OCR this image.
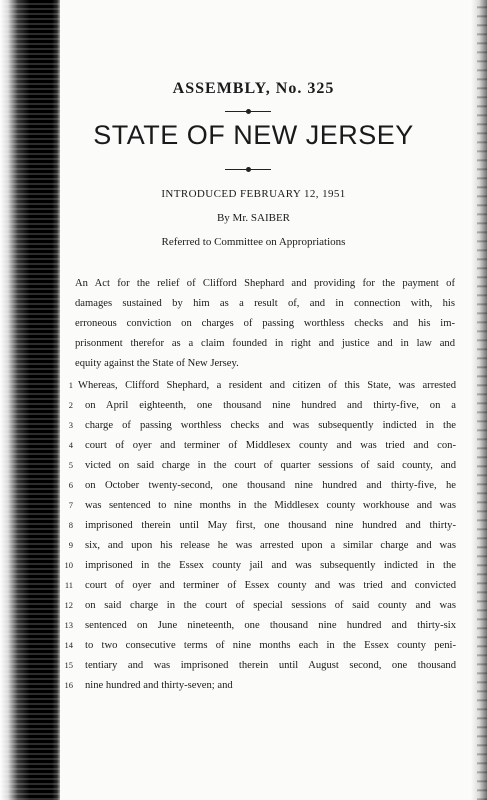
ASSEMBLY, No. 325
STATE OF NEW JERSEY
INTRODUCED FEBRUARY 12, 1951
By Mr. SAIBER
Referred to Committee on Appropriations
An Act for the relief of Clifford Shephard and providing for the payment of
damages sustained by him as a result of, and in connection with, his
erroneous conviction on charges of passing worthless checks and his im-
prisonment therefor as a claim founded in right and justice and in law and
equity against the State of New Jersey.
1 Whereas, Clifford Shephard, a resident and citizen of this State, was arrested
2 on April eighteenth, one thousand nine hundred and thirty-five, on a
3 charge of passing worthless checks and was subsequently indicted in the
4 court of oyer and terminer of Middlesex county and was tried and con-
5 victed on said charge in the court of quarter sessions of said county, and
6 on October twenty-second, one thousand nine hundred and thirty-five, he
7 was sentenced to nine months in the Middlesex county workhouse and was
8 imprisoned therein until May first, one thousand nine hundred and thirty-
9 six, and upon his release he was arrested upon a similar charge and was
10 imprisoned in the Essex county jail and was subsequently indicted in the
11 court of oyer and terminer of Essex county and was tried and convicted
12 on said charge in the court of special sessions of said county and was
13 sentenced on June nineteenth, one thousand nine hundred and thirty-six
14 to two consecutive terms of nine months each in the Essex county peni-
15 tentiary and was imprisoned therein until August second, one thousand
16 nine hundred and thirty-seven; and
